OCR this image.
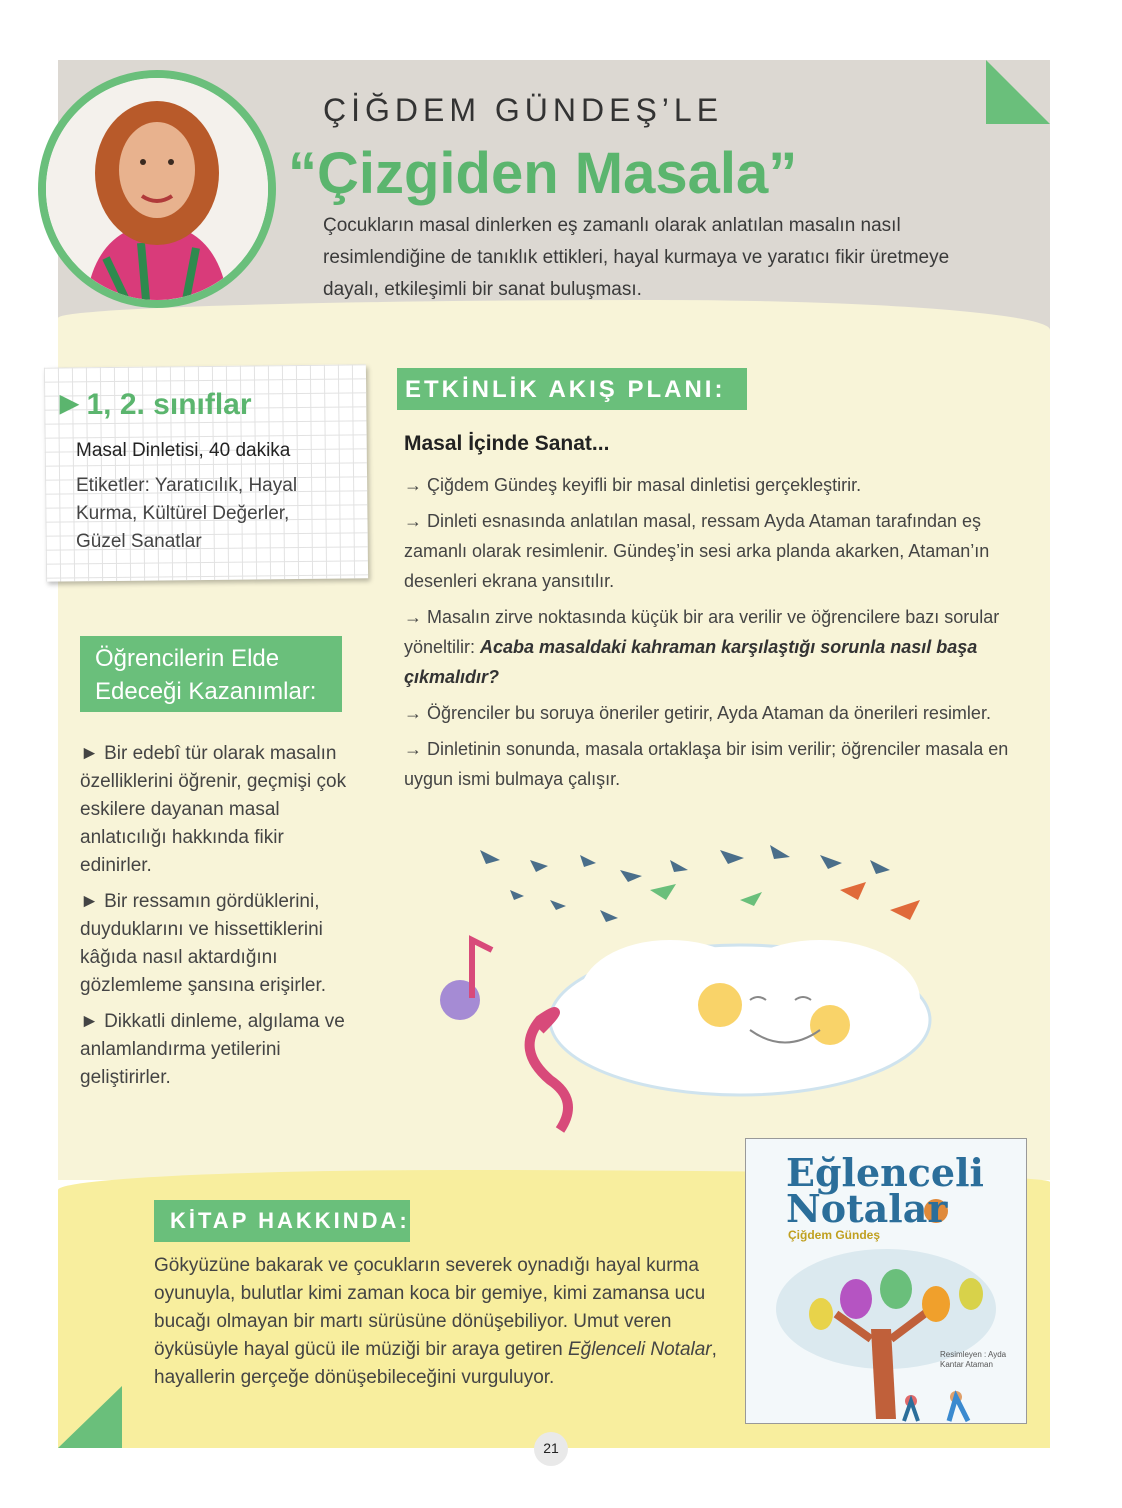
ÇİĞDEM GÜNDEŞ’LE
“Çizgiden Masala”
Çocukların masal dinlerken eş zamanlı olarak anlatılan masalın nasıl resimlendiğine de tanıklık ettikleri, hayal kurmaya ve yaratıcı fikir üretmeye dayalı, etkileşimli bir sanat buluşması.
▶ 1, 2. sınıflar
Masal Dinletisi, 40 dakika
Etiketler: Yaratıcılık, Hayal Kurma, Kültürel Değerler, Güzel Sanatlar
Öğrencilerin Elde Edeceği Kazanımlar:

► Bir edebî tür olarak masalın özelliklerini öğrenir, geçmişi çok eskilere dayanan masal anlatıcılığı hakkında fikir edinirler.

► Bir ressamın gördüklerini, duyduklarını ve hissettiklerini kâğıda nasıl aktardığını gözlemleme şansına erişirler.

► Dikkatli dinleme, algılama ve anlamlandırma yetilerini geliştirirler.

ETKİNLİK AKIŞ PLANI:
Masal İçinde Sanat...

→ Çiğdem Gündeş keyifli bir masal dinletisi gerçekleştirir.

→ Dinleti esnasında anlatılan masal, ressam Ayda Ataman tarafından eş zamanlı olarak resimlenir. Gündeş’in sesi arka planda akarken, Ataman’ın desenleri ekrana yansıtılır.

→ Masalın zirve noktasında küçük bir ara verilir ve öğrencilere bazı sorular yöneltilir: Acaba masaldaki kahraman karşılaştığı sorunla nasıl başa çıkmalıdır?

→ Öğrenciler bu soruya öneriler getirir, Ayda Ataman da önerileri resimler.

→ Dinletinin sonunda, masala ortaklaşa bir isim verilir; öğrenciler masala en uygun ismi bulmaya çalışır.

KİTAP HAKKINDA:
Gökyüzüne bakarak ve çocukların severek oynadığı hayal kurma oyunuyla, bulutlar kimi zaman koca bir gemiye, kimi zamansa ucu bucağı olmayan bir martı sürüsüne dönüşebiliyor. Umut veren öyküsüyle hayal gücü ile müziği bir araya getiren Eğlenceli Notalar, hayallerin gerçeğe dönüşebileceğini vurguluyor.
Eğlenceli
Notalar
Çiğdem Gündeş
Resimleyen : Ayda Kantar Ataman
21
